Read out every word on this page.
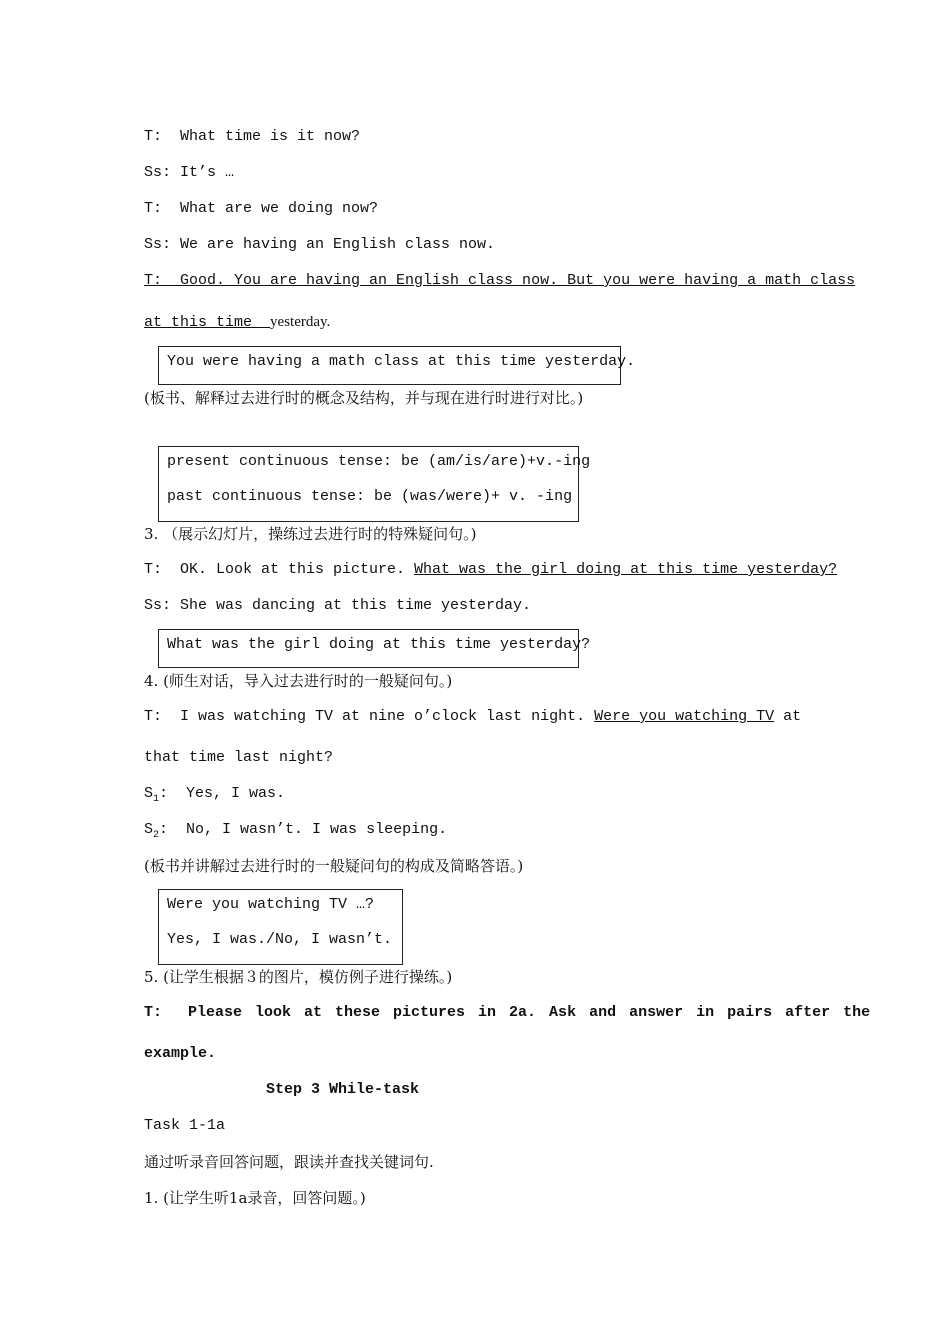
T:  What time is it now?
Ss: It’s …
T:  What are we doing now?
Ss: We are having an English class now.
T:  Good. You are having an English class now. But you were having a math class
at this time  yesterday.
You were having a math class at this time yesterday.
(板书、解释过去进行时的概念及结构，并与现在进行时进行对比。)
present continuous tense: be (am/is/are)+v.-ing
past continuous tense: be (was/were)+ v. -ing
3. （展示幻灯片，操练过去进行时的特殊疑问句。)
T:  OK. Look at this picture. What was the girl doing at this time yesterday?
Ss: She was dancing at this time yesterday.
What was the girl doing at this time yesterday?
4. (师生对话，导入过去进行时的一般疑问句。)
T:  I was watching TV at nine o’clock last night. Were you watching TV at
that time last night?
$S_1$:  Yes, I was.
$S_2$:  No, I wasn’t. I was sleeping.
(板书并讲解过去进行时的一般疑问句的构成及简略答语。)
Were you watching TV …?
Yes, I was./No, I wasn’t.
5. (让学生根据３的图片，模仿例子进行操练。)
T:  Please look at these pictures in 2a. Ask and answer in pairs after the
example.
Step 3 While-task
Task 1-1a
通过听录音回答问题，跟读并查找关键词句.
1. (让学生听1a录音，回答问题。)
